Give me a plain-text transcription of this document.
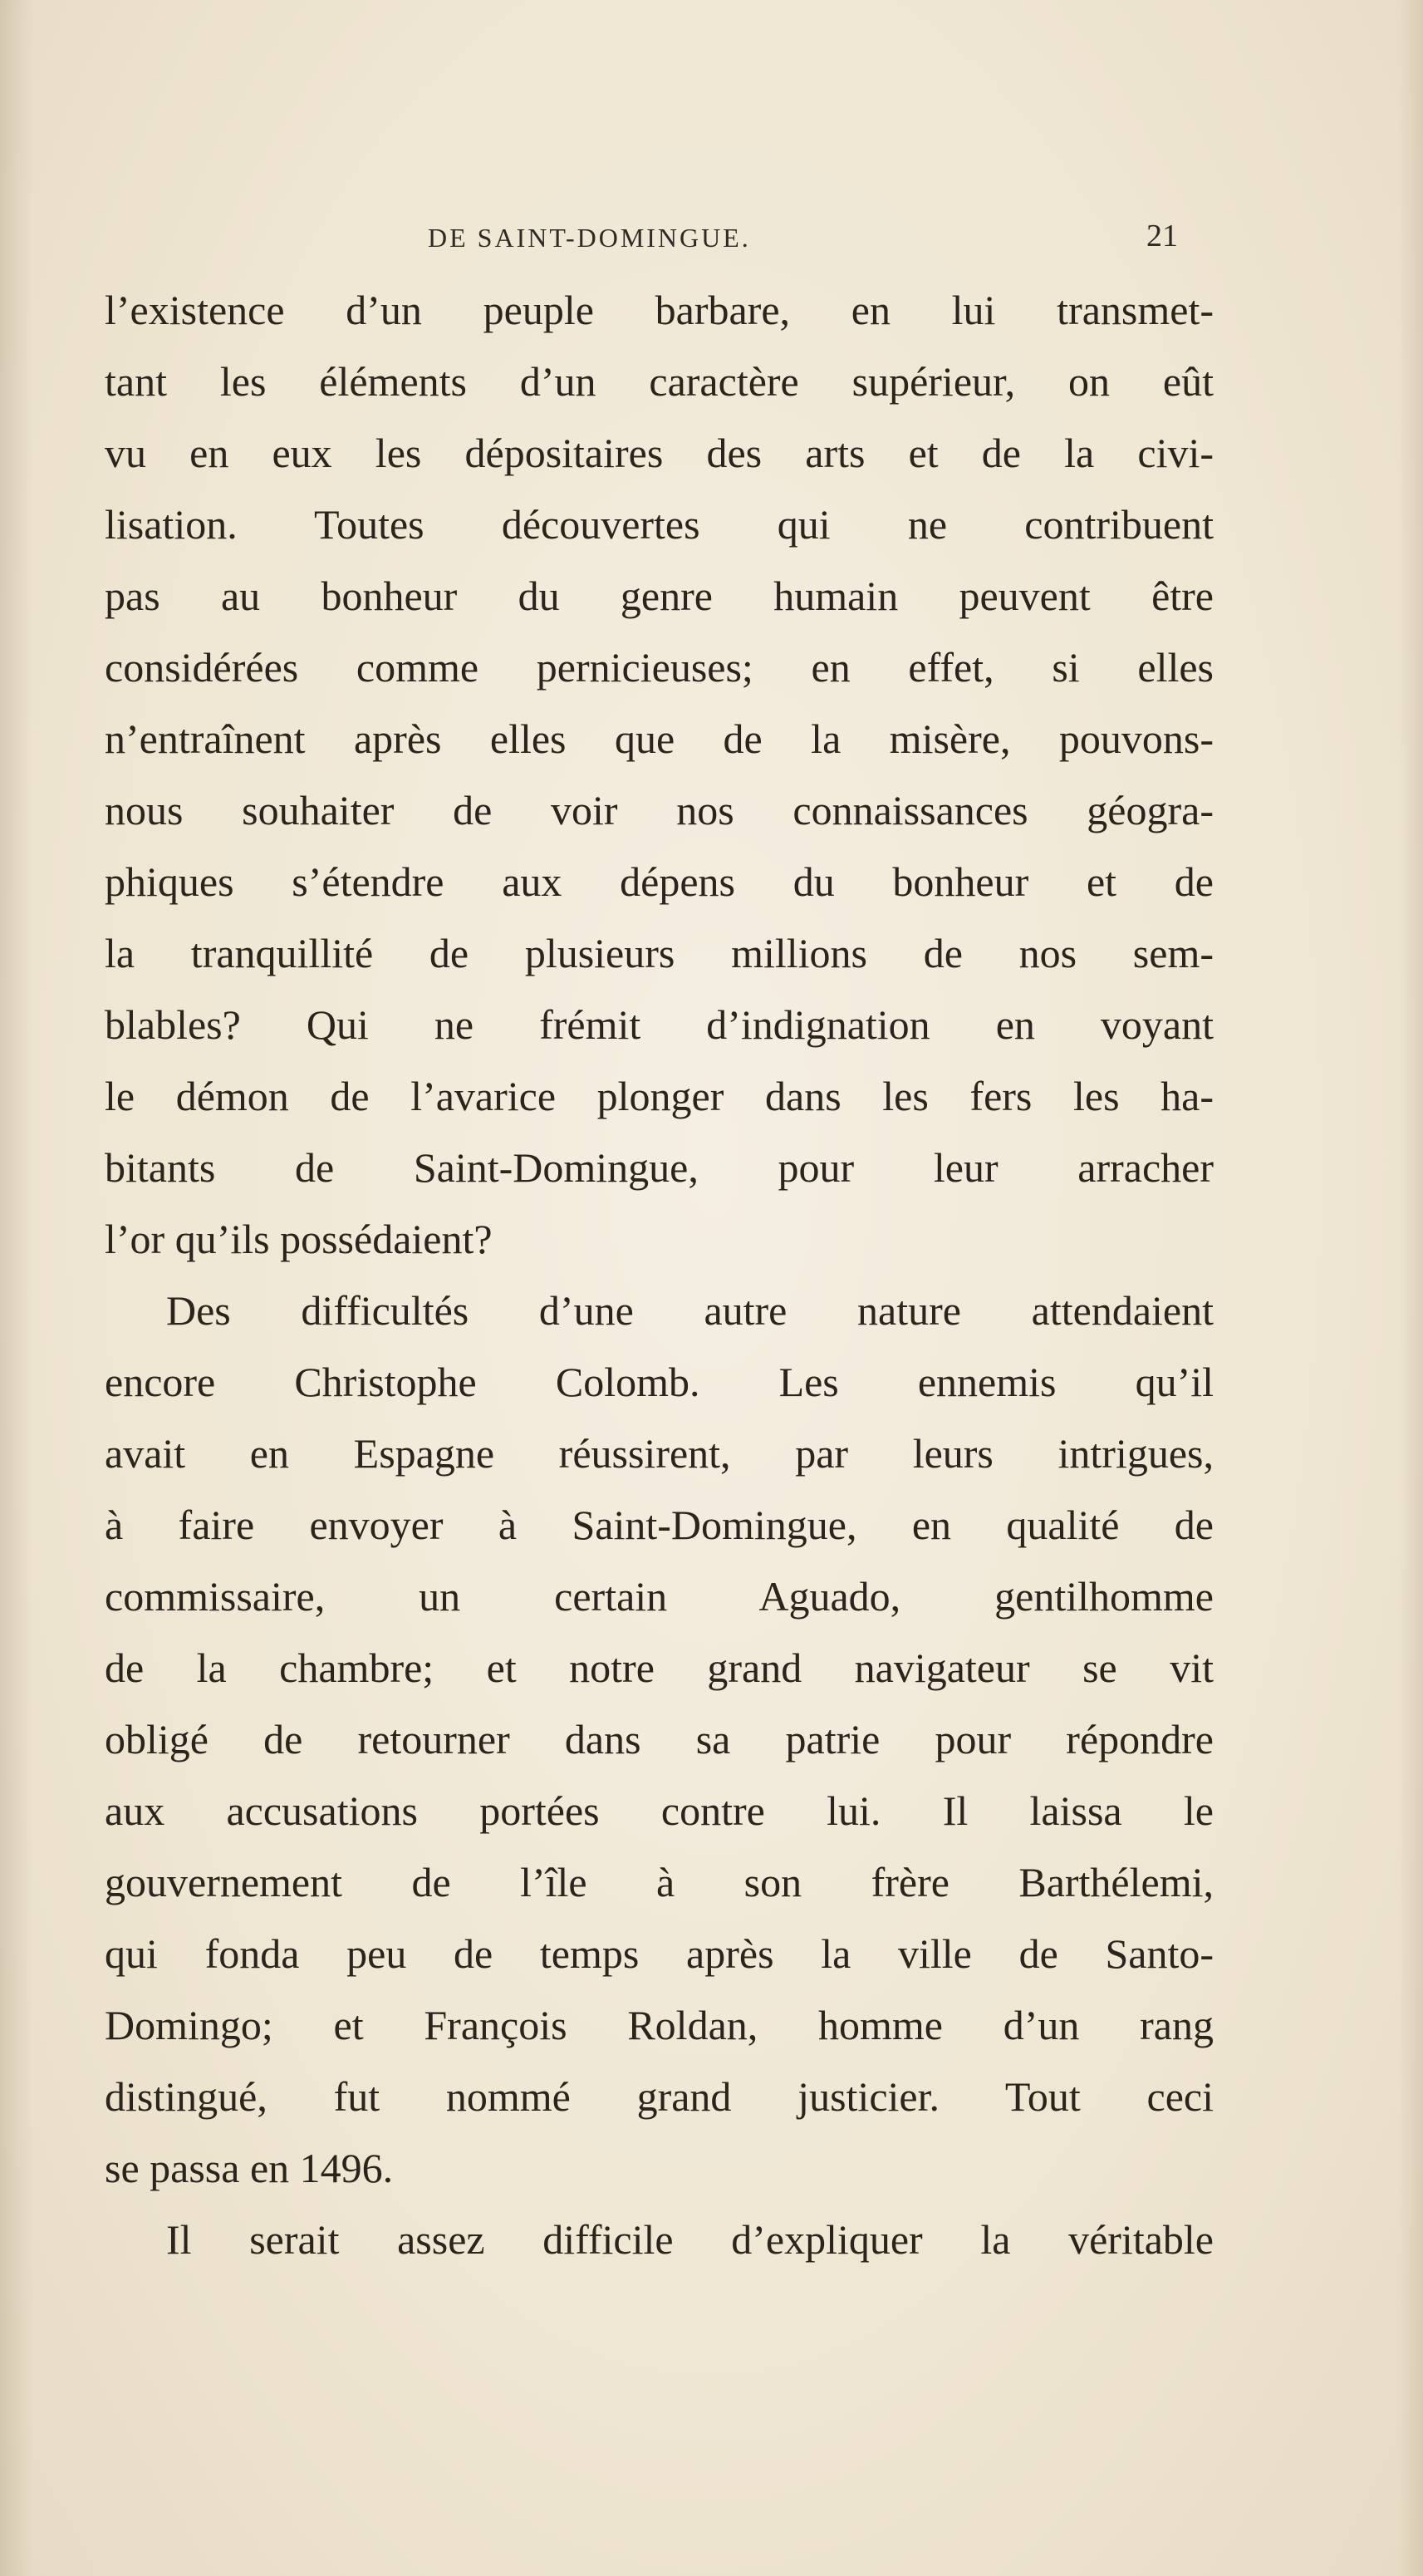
DE SAINT-DOMINGUE.	21
l’existence d’un peuple barbare, en lui transmet-
tant les éléments d’un caractère supérieur, on eût
vu en eux les dépositaires des arts et de la civi-
lisation. Toutes découvertes qui ne contribuent
pas au bonheur du genre humain peuvent être
considérées comme pernicieuses; en effet, si elles
n’entraînent après elles que de la misère, pouvons-
nous souhaiter de voir nos connaissances géogra-
phiques s’étendre aux dépens du bonheur et de
la tranquillité de plusieurs millions de nos sem-
blables? Qui ne frémit d’indignation en voyant
le démon de l’avarice plonger dans les fers les ha-
bitants de Saint-Domingue, pour leur arracher
l’or qu’ils possédaient?
Des difficultés d’une autre nature attendaient
encore Christophe Colomb. Les ennemis qu’il
avait en Espagne réussirent, par leurs intrigues,
à faire envoyer à Saint-Domingue, en qualité de
commissaire, un certain Aguado, gentilhomme
de la chambre; et notre grand navigateur se vit
obligé de retourner dans sa patrie pour répondre
aux accusations portées contre lui. Il laissa le
gouvernement de l’île à son frère Barthélemi,
qui fonda peu de temps après la ville de Santo-
Domingo; et François Roldan, homme d’un rang
distingué, fut nommé grand justicier. Tout ceci
se passa en 1496.
Il serait assez difficile d’expliquer la véritable
